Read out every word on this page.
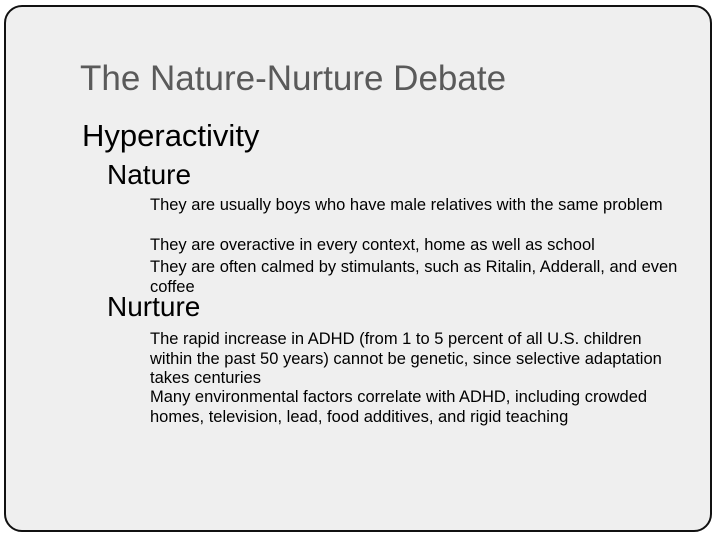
The Nature-Nurture Debate
Hyperactivity
Nature
They are usually boys who have male relatives with the same problem
They are overactive in every context, home as well as school
They are often calmed by stimulants, such as Ritalin, Adderall, and even coffee
Nurture
The rapid increase in ADHD (from 1 to 5 percent of all U.S. children within the past 50 years) cannot be genetic, since selective adaptation takes centuries
Many environmental factors correlate with ADHD, including crowded homes, television, lead, food additives, and rigid teaching
